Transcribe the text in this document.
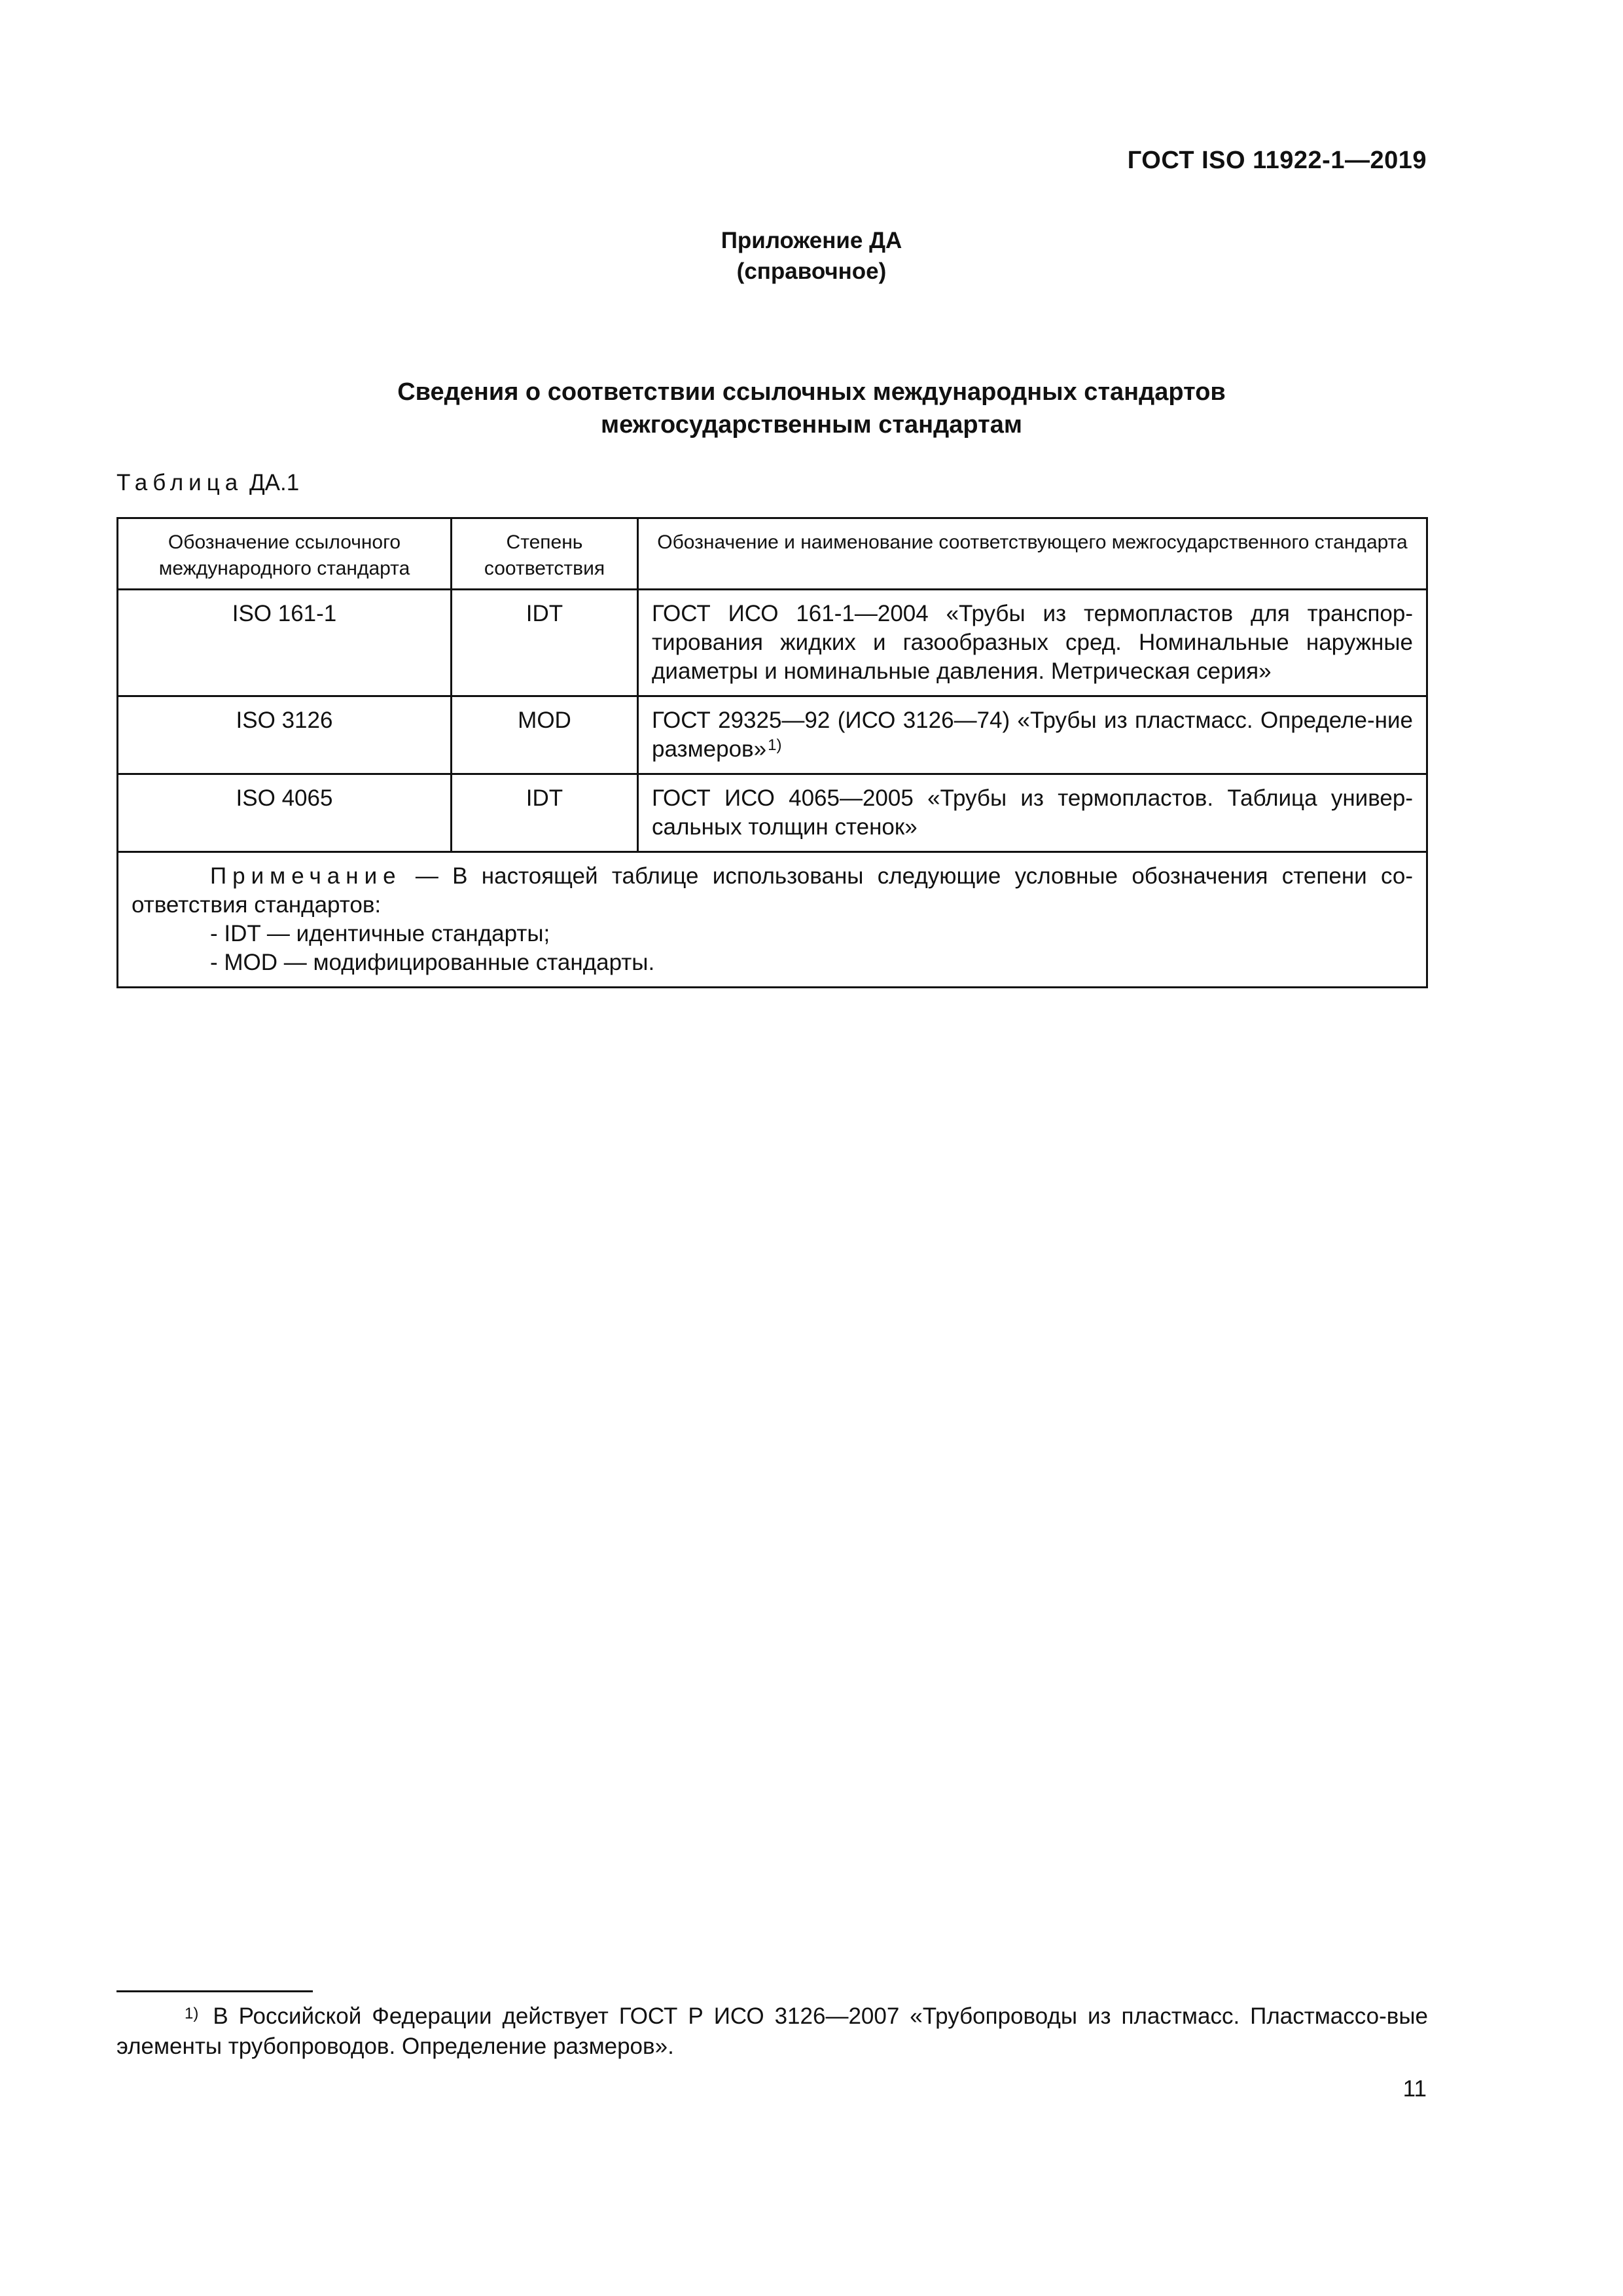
ГОСТ ISO 11922-1—2019
Приложение ДА
(справочное)
Сведения о соответствии ссылочных международных стандартов
межгосударственным стандартам
Таблица ДА.1
Обозначение ссылочного международного стандарта	Степень соответствия	Обозначение и наименование соответствующего межгосударственного стандарта
ISO 161-1	IDT	ГОСТ ИСО 161-1—2004 «Трубы из термопластов для транспор-тирования жидких и газообразных сред. Номинальные наружные диаметры и номинальные давления. Метрическая серия»
ISO 3126	MOD	ГОСТ 29325—92 (ИСО 3126—74) «Трубы из пластмасс. Определе-ние размеров»$^{1)}$
ISO 4065	IDT	ГОСТ ИСО 4065—2005 «Трубы из термопластов. Таблица универ-сальных толщин стенок»

Примечание — В настоящей таблице использованы следующие условные обозначения степени со-ответствия стандартов:
- IDT — идентичные стандарты;
- MOD — модифицированные стандарты.		
$^{1)}$ В Российской Федерации действует ГОСТ Р ИСО 3126—2007 «Трубопроводы из пластмасс. Пластмассо-вые элементы трубопроводов. Определение размеров».
11
